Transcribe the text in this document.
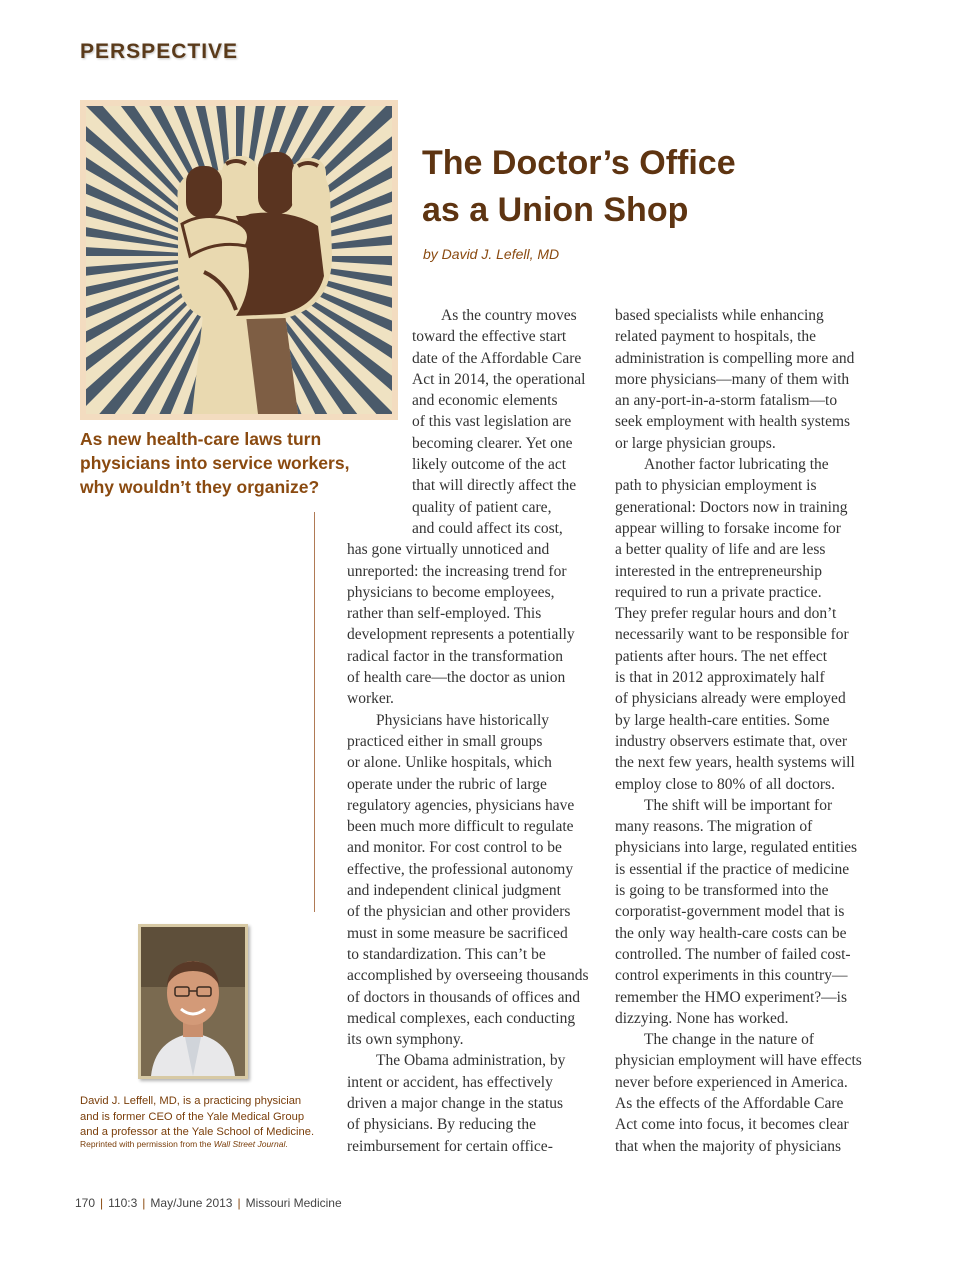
PERSPECTIVE
As new health-care laws turn
physicians into service workers,
why wouldn’t they organize?
The Doctor’s Office
as a Union Shop
by David J. Lefell, MD
As the country moves
toward the effective start
date of the Affordable Care
Act in 2014, the operational
and economic elements
of this vast legislation are
becoming clearer. Yet one
likely outcome of the act
that will directly affect the
quality of patient care,
and could affect its cost,
has gone virtually unnoticed and
unreported: the increasing trend for
physicians to become employees,
rather than self-employed. This
development represents a potentially
radical factor in the transformation
of health care—the doctor as union
worker.
Physicians have historically
practiced either in small groups
or alone. Unlike hospitals, which
operate under the rubric of large
regulatory agencies, physicians have
been much more difficult to regulate
and monitor. For cost control to be
effective, the professional autonomy
and independent clinical judgment
of the physician and other providers
must in some measure be sacrificed
to standardization. This can’t be
accomplished by overseeing thousands
of doctors in thousands of offices and
medical complexes, each conducting
its own symphony.
The Obama administration, by
intent or accident, has effectively
driven a major change in the status
of physicians. By reducing the
reimbursement for certain office-
based specialists while enhancing
related payment to hospitals, the
administration is compelling more and
more physicians—many of them with
an any-port-in-a-storm fatalism—to
seek employment with health systems
or large physician groups.
Another factor lubricating the
path to physician employment is
generational: Doctors now in training
appear willing to forsake income for
a better quality of life and are less
interested in the entrepreneurship
required to run a private practice.
They prefer regular hours and don’t
necessarily want to be responsible for
patients after hours. The net effect
is that in 2012 approximately half
of physicians already were employed
by large health-care entities. Some
industry observers estimate that, over
the next few years, health systems will
employ close to 80% of all doctors.
The shift will be important for
many reasons. The migration of
physicians into large, regulated entities
is essential if the practice of medicine
is going to be transformed into the
corporatist-government model that is
the only way health-care costs can be
controlled. The number of failed cost-
control experiments in this country—
remember the HMO experiment?—is
dizzying. None has worked.
The change in the nature of
physician employment will have effects
never before experienced in America.
As the effects of the Affordable Care
Act come into focus, it becomes clear
that when the majority of physicians
David J. Leffell, MD, is a practicing physician
and is former CEO of the Yale Medical Group
and a professor at the Yale School of Medicine.
Reprinted with permission from the Wall Street Journal.
170 | 110:3 | May/June 2013 | Missouri Medicine
